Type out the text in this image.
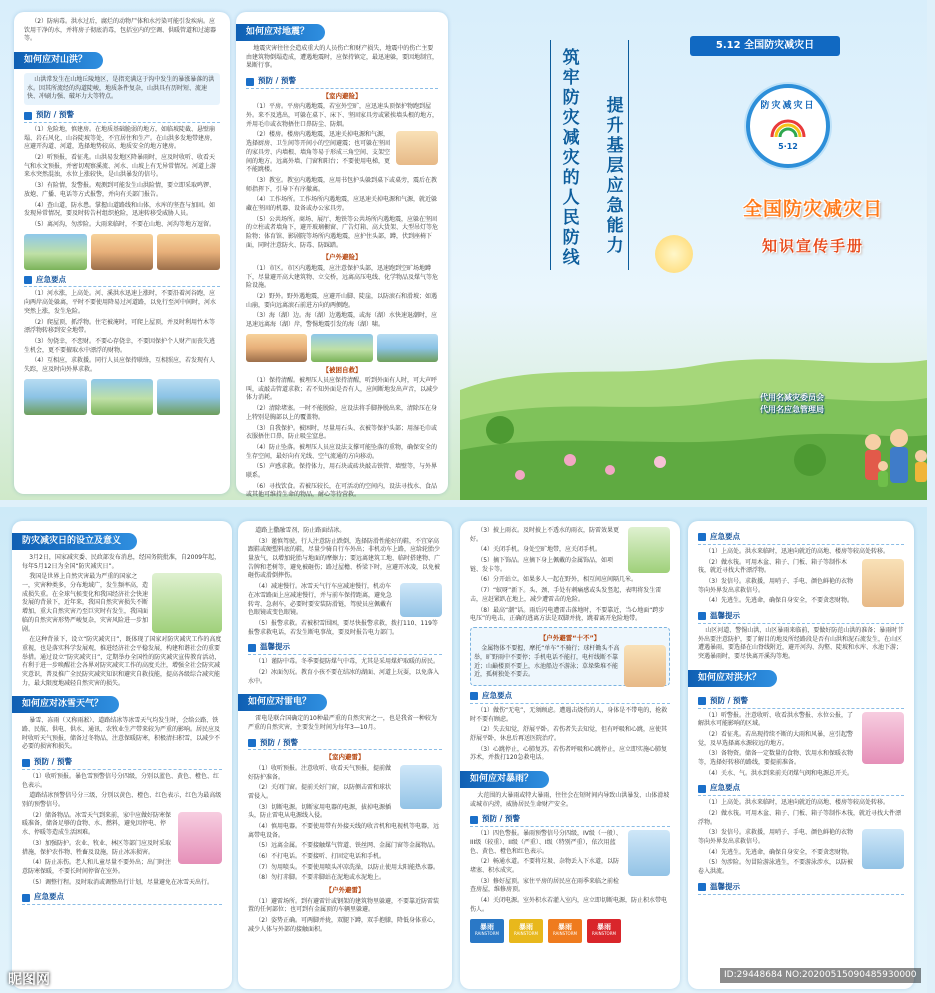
（2）防病毒。洪水过后，腐烂的动物尸体和水污染可能引发疾病。应饮用干净的水，并将房子彻底消毒，包括室内的空调、供暖管道和过滤器等。
如何应对山洪？
山洪常发生在山地丘陵地区，是指充满这于沟中发生的暴涨暴落的洪水。因其所流经的沟道陡峻，地质条件复杂，山洪具有历时短、流速快、冲刷力强、破坏力大等特点。
预防 / 预警
（1）危险地，慎建房。在地质基础脆弱的地方，如临坡陡截、悬壁崩塌、岩石风化、山谷陡坡等处，不宜居住和生产。在山洪多发地带建房，应避开沟道、河道，选择地势较高、地质安全的地方建房。
（2）听预报，看征兆。山洪易发地区降暴雨时，应及时收听、收看天气和水文预报，并密切观察溪流、河水、山坡上有无异常情况。河道上游来水突然混浊，水位上涨较快，是山洪暴发的信号。
（3）有险情，发警报。观测到可能发生山洪险情，要立即采取鸣锣、放炮、广播、电话等方式报警，并向有关部门报告。
（4）查山道，防水患。掌握山道路线和山体，水库的坚查与加固。如发现异常情况，要及时转告村组织抢险，迅速转移受威胁人员。
（5）离河沟，勿涉险。大雨来临时，不要在山地、河沟等地方逗留。
应急要点
（1）河水涨，上高处。河、溪洪水迅速上涨时，不要沿着河谷跑，应向两岸高处躲离，平时不要使用降易过河道路，以免行至河中间时，河水突然上涨，发生危险。
（2）爬屋顶，抓浮物。住宅被淹时，可爬上屋顶，并及时利用竹木等漂浮物转移到安全地带。
（3）勿侥幸，不恋财。不要心存侥幸，不要因保护个人财产而丧失逃生机会，更不要擅取水中漂浮的财物。
（4）互相应，求救援。同行人员应保持联络，互相照应，若发现有人失踪，应及时向外界求救。
如何应对地震？
地震灾害往往会造成重大的人员伤亡和财产损失，地震中的伤亡主要由建筑物倒塌造成，遭遇地震时，应保持镇定，最迅速躲，要因地制宜，果断行事。
预防 / 预警
【室内避险】
（1）平房。平房内遇地震，若室外空旷，应迅速头顶保护物跑到屋外。来不及逃出，可躲在桌下、床下、坚固家具旁或紧挨墙头根的地方，并用毛巾或衣物捂住口鼻防尘、防烟。
（2）楼房。楼房内遇地震，迅速关掉电源和气源，选择厨房、卫生间等开间小的空间避震；也可躲在坚固的家具旁、内墙根、墙角等易于形成三角空间、支架空间的地方。远离外墙、门窗和阳台；不要使用电梯，更不能跳楼。
（3）教室。教室内遇地震，应用书包护头躲到桌下或桌旁，震后在教师指挥下，引导下有序撤离。
（4）工作场所。工作场所内遇地震，应迅速关掉电源和气源，就近躲藏在坚固的机器、设备或办公家具旁。
（5）公共场所。商场、展厅、地铁等公共场所内遇地震，应躲在坚固的立柱或者墙角下，避开玻璃橱窗、广告灯箱、高大货架、大型吊灯等危险物；体育馆、影剧院等场所内遇地震，应护住头部，蹲，伏到座椅下面，同时注意防火、防毒、防踩踏。
【户外避险】
（1）市区。市区内遇地震，应注意保护头部，迅速跑到空旷场地蹲下，尽量避开高大建筑物、立交桥，远离高压电线、化学物品及煤气等危险设施。
（2）野外。野外遇地震，应避开山脚、陡崖，以防滚石和滑坡；如遇山崩，要向远离滚石前进方向的两侧跑。
（3）海（湖）边。海（湖）边遇地震，或海（湖）水快速退潮时，应迅速远离海（湖）岸，警惕地震引发的海（湖）啸。
【被困自救】
（1）保持清醒。被埋压人员应保持清醒，听到外面有人时，可大声呼叫，或敲击管道求救；若不知外面是否有人，应间断地发出声音，以减少体力消耗。
（2）清除堵塞。一时不能脱险，应设法将手脚挣脱出来，清除压在身上特别是胸部以上的覆盖物。
（3）自我保护。被困时，尽量用石头、衣被等保护头部；用湿毛巾或衣服捂住口鼻，防止吸尘窒息。
（4）防止坠落。被埋压人员应设法支撑可能坠落的重物，确保安全的生存空间，最好向有光线、空气流通的方向移动。
（5）声感求救。保持体力，用石块或砖块敲击铁管、墙壁等，与外界联系。
（6）寻找饮食。若被压较长，在可活动的空间内，设法寻找水、食品或其他可维持生命的物品，耐心等待营救。
筑牢防灾减灾的人民防线 提升基层应急能力
5.12 全国防灾减灾日
防灾减灾日
5·12
全国防灾减灾日
知识宣传手册
代用名减灾委员会
代用名应急管理局
防灾减灾日的设立及意义
3月2日，国家减灾委、民政部发布消息，经国务院批准，自2009年起，每年5月12日为全国“防灾减灾日”。
我国是世界上自然灾害最为严重的国家之一，灾害种类多，分布地域广，发生频率高，造成损失重。在全球气候变化和我国经济社会快速发展的背景下，近年来，我国自然灾害损失不断增加，重大自然灾害乃至巨灾时有发生，我国面临的自然灾害形势严峻复杂，灾害风险进一步加剧。
在这种背景下，设立“防灾减灾日”，既体现了国家对防灾减灾工作的高度重视，也是落实科学发展观，推进经济社会平稳发展，构建和谐社会的重要举措。通过设立“防灾减灾日”，定期举办全国性的防灾减灾宣传教育活动，有利于进一步唤醒社会各界对防灾减灾工作的高度关注，增强全社会防灾减灾意识，普及推广全民防灾减灾知识和避灾自救技能，提高各级综合减灾能力，最大限度地减轻自然灾害的损失。
如何应对冰雪天气？
暴雪、冻雨（又称雨凇）、道路结冰等冰雪天气均发生时，会给公路、铁路、民航、供电、供水、通讯、农牧业生产带来较为严重的影响。居民应及时收听天气预报，储备过冬物品，注意保暖防寒，积极清扫积雪，以减少不必要的损害和损失。
预防 / 预警
（1）收听预报。暴色雪预警信号分四级，分别以蓝色、黄色、橙色、红色表示。
道路结冰预警信号分三级，分别以黄色、橙色、红色表示，红色为最高级别的预警信号。
（2）储备物品。冰雪天气到来前，家中应做好防寒保暖准备，储备足够的食物、水、燃料，避免因停电、停水、停暖等造成生活困难。
（3）加强防护。农业、牧业、林区等部门应及时采取措施，保护农作物、牲畜及设施，防止冰冻损害。
（4）防止冻伤。老人和儿童尽量不要外出；出门时注意防寒保暖，不要长时间停留在室外。
（5）调整行程。及时取消或调整出行计划，尽量避免在冰雪天出行。
应急要点
道路上撒融雪剂，防止路面结冰。
（3）谨慎驾驶。行人注意防止跌倒，选择防滑性能好的鞋，不宜穿高跟鞋或硬塑料底的鞋，尽量少骑自行车外出；非机动车上路，应给轮胎少量放气，以增加轮胎与地面的摩擦力；要远离建筑工地、临时搭建物、广告牌和老树等，避免被砸伤；路过屋檐、桥梁下时，应避开冰凌，以免被砸伤或滑倒摔伤。
（4）减速慢行。冰雪天气行车应减速慢行，机动车在冰雪路面上应减速慢行，并与前车保持距离，避免急转弯、急刹车，必要时要安装防滑链，驾驶员应佩戴有色眼镜或变色眼镜。
（5）报警求救。若被积雪围困，要尽快报警求救，拨打110、119等报警求救电话，若发生断电事故，要及时报告电力部门。
温馨提示
（1）谨防中毒。冬季要提防煤气中毒，尤其是采用煤炉取暖的居民。
（2）冰面勿玩。教育小孩不要在结冰的湖面、河道上玩耍，以免落入水中。
如何应对雷电？
雷电是联合国确定的10种最严重的自然灾害之一，也是我省一种较为严重的自然灾害，主要发生时间为每年3—10月。
预防 / 预警
【室内避雷】
（1）收听预报。注意收听、收看天气预报，提前做好防护准备。
（2）关闭门窗。提前关好门窗，以防侧击雷和球状雷侵入。
（3）切断电源。切断家用电器的电源，拔掉电源插头，防止雷电从电源线入侵。
（4）慎用电器。不要使用带有外接天线的收音机和电视机等电器，远离带电设备。
（5）远离金属。不要接触煤气管道、铁丝网、金属门窗等金属物品。
（6）不打电话。不要接听、打固定电话和手机。
（7）勿用喷头。不要使用喷头冲凉洗澡，以防止使用太阳能热水器。
（8）勿打赤脚。不要赤脚站在泥地或水泥地上。
【户外避雷】
（1）避雷场所。到有避雷针或钢架的建筑物里躲避，不要靠近防雷装置的任何部位；也可到有金属顶的车辆里躲避。
（2）姿势正确。可两脚并拢，双腿下蹲，双手抱膝，降低身体重心，减少人体与外部的接触面积。
（3）披上雨衣。及时披上不透水的雨衣，防雷效果更好。
（4）关闭手机。身处空旷地带，应关闭手机。
（5）摘下饰品。应摘下身上佩戴的金属饰品，如项链、发卡等。
（6）分开站立。如果多人一起在野外，相互间应间隔几米。
（7）“蚁呀”新下。头、颈、手处有刺痛感或头发竖起，表明将发生雷击，应赶紧趴在地上，减少遭雷击的危险。
（8）最高“潮”话。雨后闪电遭雷击落地时，不要靠近，当心地面“跨步电压”的电击，正确的逃离方法是双脚并拢，跳着离开危险地带。
【户外避雷“十不”】
金属物体不要握，摩托“单车”不骑行；球杆锄头不高举，旷野雨中不要停；手机电话不能打，电杆线断不靠近；山巅楼顶不要上，水池船边不游泳；草垛柴堆不能近，孤树独处不要去。
应急要点
（1）做伤“无电”，无须顾虑。遭遇击烧伤的人，身体是不带电的，抢救时不要有顾虑。
（2）失去知觉，舒展平卧。若伤者失去知觉，但有呼吸和心跳，应使其舒展平卧，休息后再送医院治疗。
（3）心跳停止，心肺复苏。若伤者呼吸和心跳停止，应立即实施心肺复苏术，并拨打120急救电话。
如何应对暴雨？
大范围的大暴雨或特大暴雨，往往会在短时间内导致山洪暴发、山体滑坡或城市内涝，威胁居民生命财产安全。
预防 / 预警
（1）四色警报。暴雨预警信号分四级，IV级（一般）、III级（较重）、II级（严重）、I级（特别严重），依次用蓝色、黄色、橙色和红色表示。
（2）畅通水道。不要将垃圾、杂物丢入下水道，以防堵塞、积水成灾。
（3）修好屋顶。家住平房的居民应在雨季来临之前检查房屋，维修房顶。
（4）关闭电源。室外积水若灌入室内，应立即切断电源，防止积水带电伤人。
暴雨
RAINSTORM
暴雨
RAINSTORM
暴雨
RAINSTORM
暴雨
RAINSTORM
应急要点
（1）上高处。洪水来临时，迅速向就近的高地、楼房等较高处转移。
（2）做水筏。可用木盆、箱子、门板、箱子等制作木筏，就近寻找大件漂浮物。
（3）发信号。求救援，用哨子、手电、颜色鲜艳的衣物等向外界发出求救信号。
（4）先逃生。先逃命，确保自身安全，不要贪恋财物。
温馨提示
山区河道、警惕山洪，山区暴雨来临前，要做好防范山洪的准备；暴雨时节外出要注意防护，要了解目的地及所经路段是否有山洪和泥石流发生，在山区遭遇暴雨，要选择在山脊线附近，避开河沟、沟壑、陡坡和水库、水池下游；突遇暴雨时，要尽快离开溪沟等地。
如何应对洪水？
预防 / 预警
（1）听警报。注意收听、收看洪水警报、水位公报，了解洪水可能影响的区域。
（2）看征兆。若出现持续不断的大雨和风暴，应引起警觉，及早选择离水源较远的地方。
（3）备物资。储备一定数量的食物、饮用水和保暖衣物等，选择好转移的路线，要提前准备。
（4）关水、气。洪水到来前关闭煤气阀和电源总开关。
应急要点
（1）上高处。洪水来临时，迅速向就近的高地、楼房等较高处转移。
（2）做水筏。可用木盆、箱子、门板、箱子等制作木筏，就近寻找大件漂浮物。
（3）发信号。求救援，用哨子、手电、颜色鲜艳的衣物等向外界发出求救信号。
（4）先逃生。先逃命，确保自身安全，不要贪恋财物。
（5）勿涉险。勿冒险游泳逃生，不要游泳涉水，以防被卷入洪流。
温馨提示
昵图网	ID:29448684 NO:20200515090485930000
